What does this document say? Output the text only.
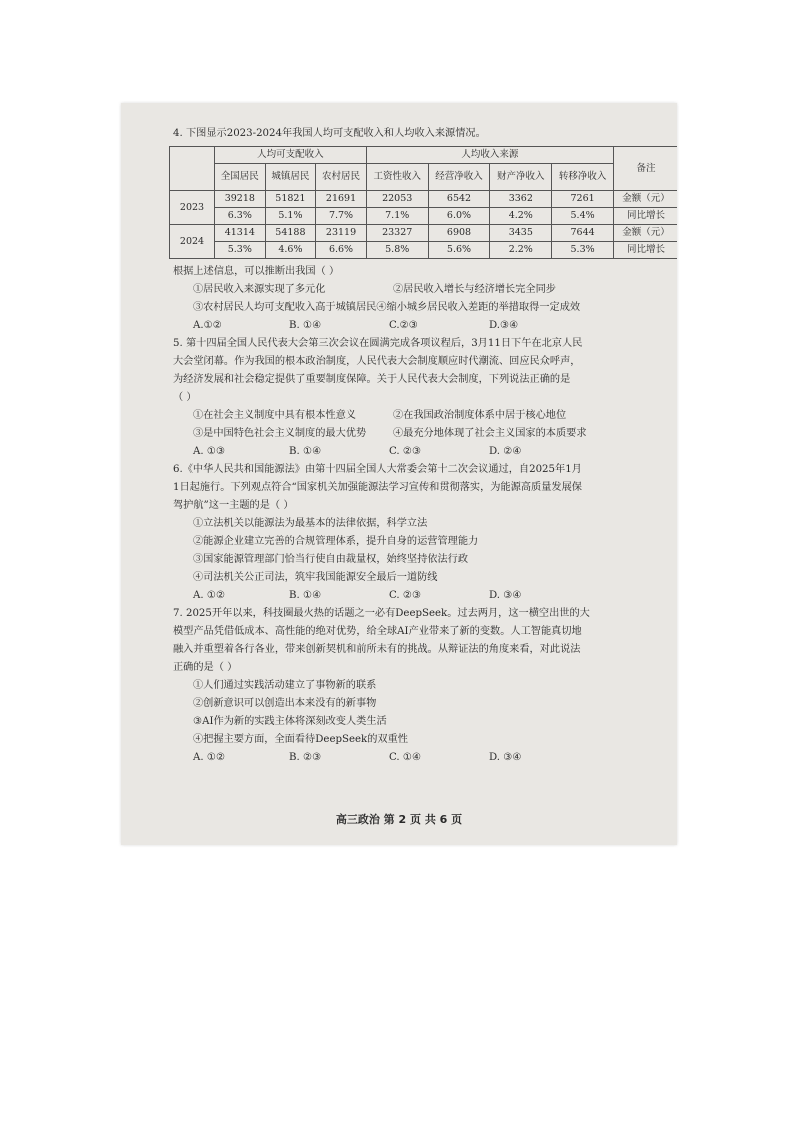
4. 下图显示2023-2024年我国人均可支配收入和人均收入来源情况。

	人均可支配收入			人均收入来源				备注
	全国居民	城镇居民	农村居民	工资性收入	经营净收入	财产净收入	转移净收入	
2023	39218	51821	21691	22053	6542	3362	7261	金额（元）
	6.3%	5.1%	7.7%	7.1%	6.0%	4.2%	5.4%	同比增长
2024	41314	54188	23119	23327	6908	3435	7644	金额（元）
	5.3%	4.6%	6.6%	5.8%	5.6%	2.2%	5.3%	同比增长

根据上述信息，可以推断出我国（ ）

①居民收入来源实现了多元化	②居民收入增长与经济增长完全同步
③农村居民人均可支配收入高于城镇居民 ④缩小城乡居民收入差距的举措取得一定成效
A.①②	B. ①④	C.②③	D.③④

5. 第十四届全国人民代表大会第三次会议在圆满完成各项议程后，3月11日下午在北京人民

大会堂闭幕。作为我国的根本政治制度，人民代表大会制度顺应时代潮流、回应民众呼声，

为经济发展和社会稳定提供了重要制度保障。关于人民代表大会制度，下列说法正确的是

（ ）

①在社会主义制度中具有根本性意义	②在我国政治制度体系中居于核心地位
③是中国特色社会主义制度的最大优势	④最充分地体现了社会主义国家的本质要求
A. ①③	B. ①④	C. ②③	D. ②④

6.《中华人民共和国能源法》由第十四届全国人大常委会第十二次会议通过，自2025年1月

1日起施行。下列观点符合“国家机关加强能源法学习宣传和贯彻落实，为能源高质量发展保

驾护航”这一主题的是（ ）

①立法机关以能源法为最基本的法律依据，科学立法

②能源企业建立完善的合规管理体系，提升自身的运营管理能力

③国家能源管理部门恰当行使自由裁量权，始终坚持依法行政

④司法机关公正司法，筑牢我国能源安全最后一道防线

A. ①②	B. ①④	C. ②③	D. ③④

7. 2025开年以来，科技圈最火热的话题之一必有DeepSeek。过去两月，这一横空出世的大

模型产品凭借低成本、高性能的绝对优势，给全球AI产业带来了新的变数。人工智能真切地

融入并重塑着各行各业，带来创新契机和前所未有的挑战。从辩证法的角度来看，对此说法

正确的是（ ）

①人们通过实践活动建立了事物新的联系

②创新意识可以创造出本来没有的新事物

③AI作为新的实践主体将深刻改变人类生活

④把握主要方面，全面看待DeepSeek的双重性

A. ①②	B. ②③	C. ①④	D. ③④
高三政治 第 2 页 共 6 页
